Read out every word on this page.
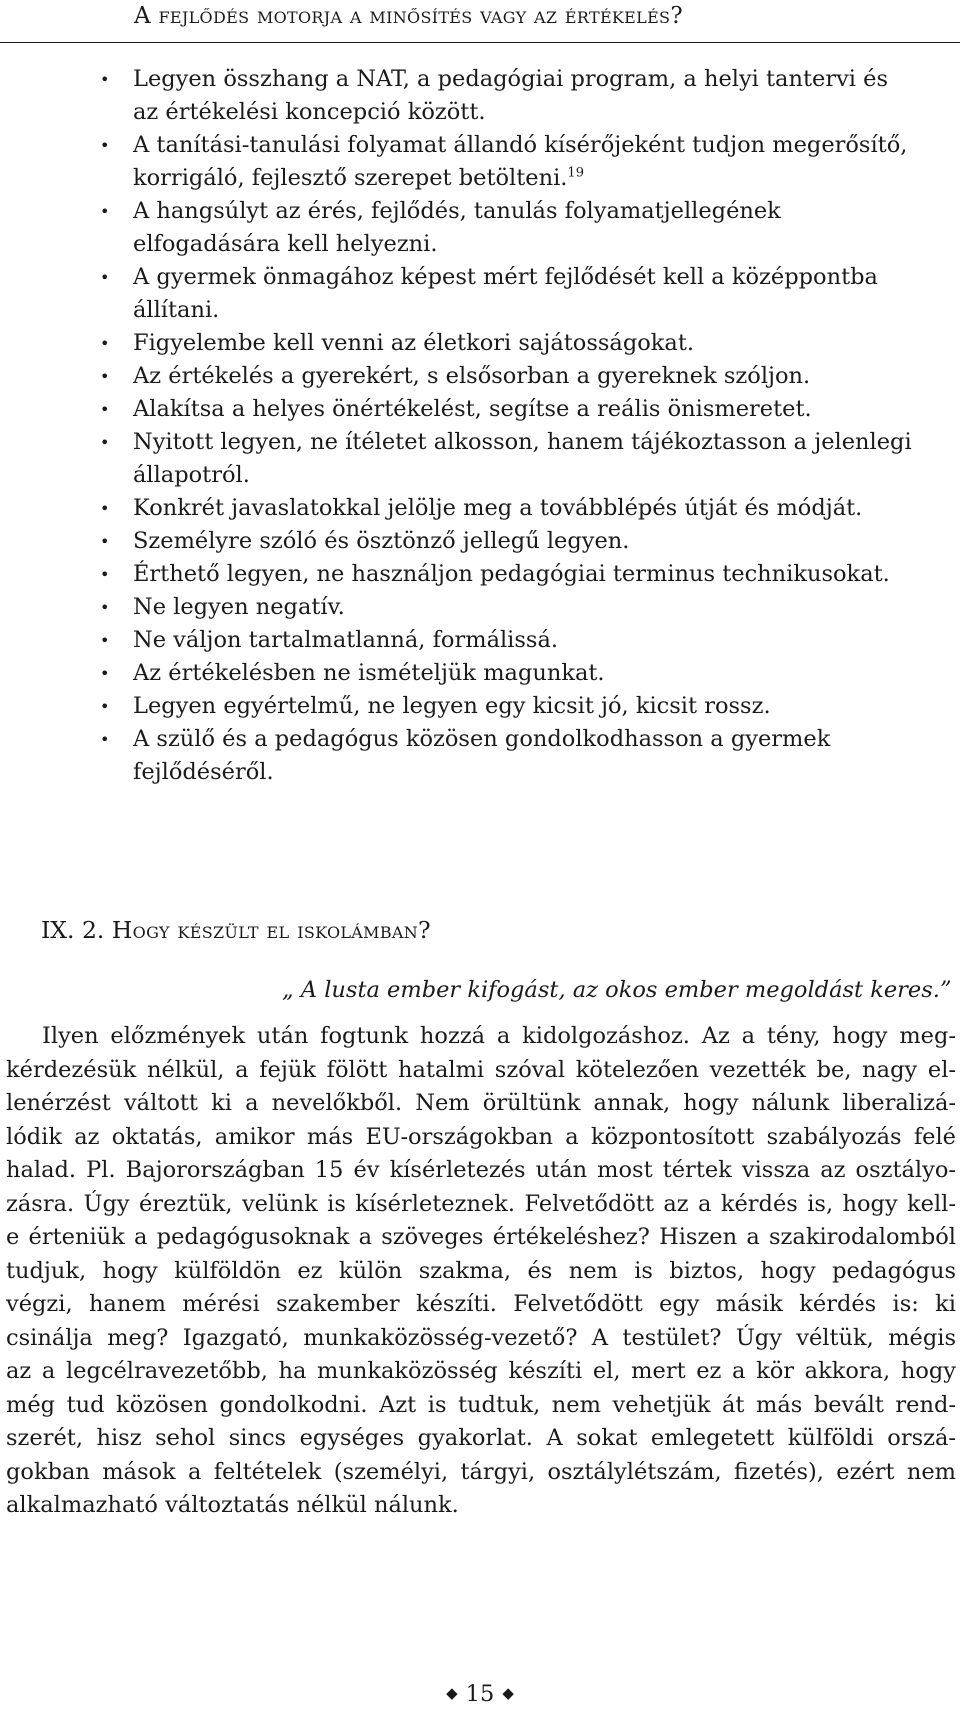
A fejlődés motorja a minősítés vagy az értékelés?
• Legyen összhang a NAT, a pedagógiai program, a helyi tantervi és az értékelési koncepció között.
• A tanítási-tanulási folyamat állandó kísérőjeként tudjon megerősítő, korrigáló, fejlesztő szerepet betölteni.$^{19}$
• A hangsúlyt az érés, fejlődés, tanulás folyamatjellegének elfogadására kell helyezni.
• A gyermek önmagához képest mért fejlődését kell a középpontba állítani.
• Figyelembe kell venni az életkori sajátosságokat.
• Az értékelés a gyerekért, s elsősorban a gyereknek szóljon.
• Alakítsa a helyes önértékelést, segítse a reális önismeretet.
• Nyitott legyen, ne ítéletet alkosson, hanem tájékoztasson a jelenlegi állapotról.
• Konkrét javaslatokkal jelölje meg a továbblépés útját és módját.
• Személyre szóló és ösztönző jellegű legyen.
• Érthető legyen, ne használjon pedagógiai terminus technikusokat.
• Ne legyen negatív.
• Ne váljon tartalmatlanná, formálissá.
• Az értékelésben ne ismételjük magunkat.
• Legyen egyértelmű, ne legyen egy kicsit jó, kicsit rossz.
• A szülő és a pedagógus közösen gondolkodhasson a gyermek fejlődéséről.
IX. 2. Hogy készült el iskolámban?
„ A lusta ember kifogást, az okos ember megoldást keres.”
Ilyen előzmények után fogtunk hozzá a kidolgozáshoz. Az a tény, hogy meg-
kérdezésük nélkül, a fejük fölött hatalmi szóval kötelezően vezették be, nagy el-
lenérzést váltott ki a nevelőkből. Nem örültünk annak, hogy nálunk liberalizá-
lódik az oktatás, amikor más EU-országokban a központosított szabályozás felé
halad. Pl. Bajorországban 15 év kísérletezés után most tértek vissza az osztályo-
zásra. Úgy éreztük, velünk is kísérleteznek. Felvetődött az a kérdés is, hogy kell-
e érteniük a pedagógusoknak a szöveges értékeléshez? Hiszen a szakirodalomból
tudjuk, hogy külföldön ez külön szakma, és nem is biztos, hogy pedagógus
végzi, hanem mérési szakember készíti. Felvetődött egy másik kérdés is: ki
csinálja meg? Igazgató, munkaközösség-vezető? A testület? Úgy véltük, mégis
az a legcélravezetőbb, ha munkaközösség készíti el, mert ez a kör akkora, hogy
még tud közösen gondolkodni. Azt is tudtuk, nem vehetjük át más bevált rend-
szerét, hisz sehol sincs egységes gyakorlat. A sokat emlegetett külföldi orszá-
gokban mások a feltételek (személyi, tárgyi, osztálylétszám, fizetés), ezért nem
alkalmazható változtatás nélkül nálunk.
◆ 15 ◆
